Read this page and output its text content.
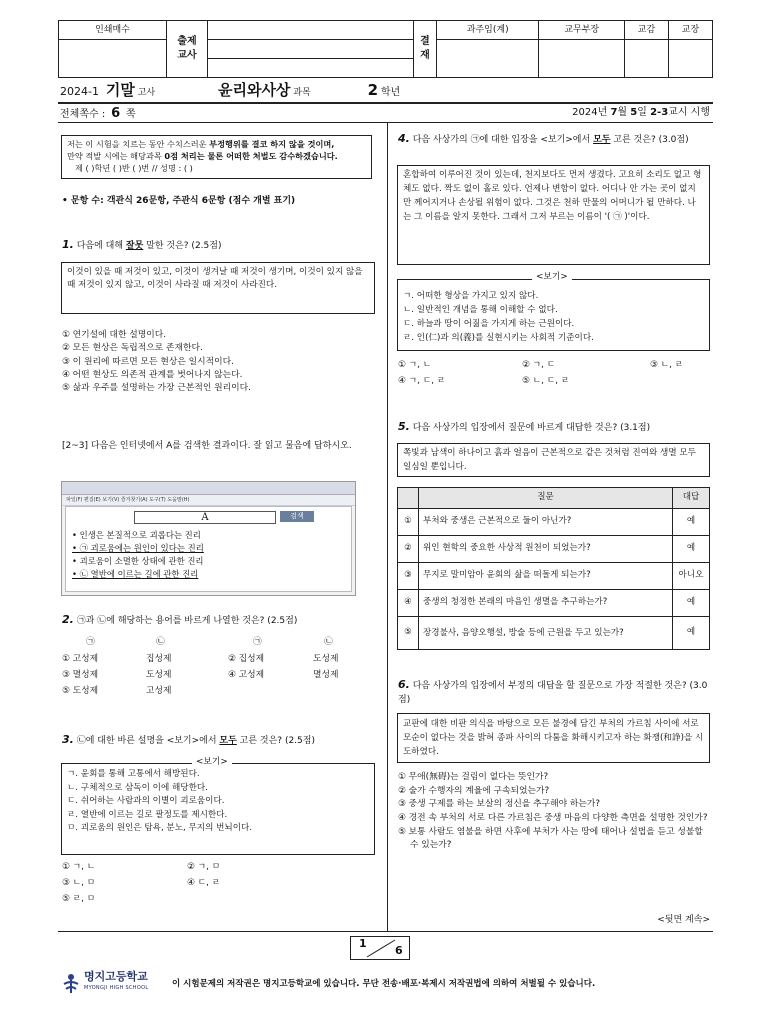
인쇄매수	출제
교사		결
재	과주임(계)	교무부장	교감	교장

2024-1 기말 고사	윤리와사상 과목	2 학년
전체쪽수 : 6 쪽	2024년 7월 5일 2-3교시 시행
저는 이 시험을 치르는 동안 수치스러운 부정행위를 결코 하지 않을 것이며,
만약 적발 시에는 해당과목 0점 처리는 물론 어떠한 처벌도 감수하겠습니다.
제 ( )학년 ( )반 ( )번 // 성명 : ( )
• 문항 수: 객관식 26문항, 주관식 6문항 (점수 개별 표기)
1. 다음에 대해 잘못 말한 것은? (2.5점)
이것이 있을 때 저것이 있고, 이것이 생겨날 때 저것이 생기며, 이것이 있지 않을 때 저것이 있지 않고, 이것이 사라질 때 저것이 사라진다.
① 연기설에 대한 설명이다.
② 모든 현상은 독립적으로 존재한다.
③ 이 원리에 따르면 모든 현상은 일시적이다.
④ 어떤 현상도 의존적 관계를 벗어나지 않는다.
⑤ 삶과 우주를 설명하는 가장 근본적인 원리이다.
[2~3] 다음은 인터넷에서 A를 검색한 결과이다. 잘 읽고 물음에 답하시오.
파일(F) 편집(E) 보기(V) 즐겨찾기(A) 도구(T) 도움말(H)
A	검색
• 인생은 본질적으로 괴롭다는 진리
• ㉠ 괴로움에는 원인이 있다는 진리
• 괴로움이 소멸한 상태에 관한 진리
• ㉡ 열반에 이르는 길에 관한 진리
2. ㉠과 ㉡에 해당하는 용어를 바르게 나열한 것은? (2.5점)
㉠	㉡	㉠	㉡
① 고성제	집성제	② 집성제	도성제
③ 멸성제	도성제	④ 고성제	멸성제
⑤ 도성제	고성제
3. ㉡에 대한 바른 설명을 <보기>에서 모두 고른 것은? (2.5점)
ㄱ. 윤회를 통해 고통에서 해방된다.
ㄴ. 구체적으로 삼독이 이에 해당한다.
ㄷ. 쉬어하는 사람과의 이별이 괴로움이다.
ㄹ. 열반에 이르는 길로 팔정도를 제시한다.
ㅁ. 괴로움의 원인은 탐욕, 분노, 무지의 번뇌이다.
<보기>
① ㄱ, ㄴ	② ㄱ, ㅁ
③ ㄴ, ㅁ	④ ㄷ, ㄹ
⑤ ㄹ, ㅁ
4. 다음 사상가의 ㉠에 대한 입장을 <보기>에서 모두 고른 것은? (3.0점)
혼합하여 이루어진 것이 있는데, 천지보다도 먼저 생겼다. 고요히 소리도 없고 형체도 없다. 짝도 없이 홀로 있다. 언제나 변함이 없다. 어디나 안 가는 곳이 없지만 께어지거나 손상될 위험이 없다. 그것은 천하 만물의 어머니가 될 만하다. 나는 그 이름을 알지 못한다. 그래서 그저 부르는 이름이 '( ㉠ )'이다.
ㄱ. 어떠한 형상을 가지고 있지 않다.
ㄴ. 일반적인 개념을 통해 이해할 수 없다.
ㄷ. 하늘과 땅이 어짊을 가지게 하는 근원이다.
ㄹ. 인(仁)과 의(義)를 실현시키는 사회적 기준이다.
<보기>
① ㄱ, ㄴ	② ㄱ, ㄷ	③ ㄴ, ㄹ
④ ㄱ, ㄷ, ㄹ	⑤ ㄴ, ㄷ, ㄹ
5. 다음 사상가의 입장에서 질문에 바르게 대답한 것은? (3.1점)
쪽빛과 남색이 하나이고 흙과 얼음이 근본적으로 같은 것처럼 진여와 생멸 모두 일심일 뿐입니다.
	질문	대답
①	부처와 중생은 근본적으로 둘이 아닌가?	예
②	위인 현학의 중요한 사상적 원천이 되었는가?	예
③	무지로 말미암아 윤회의 삶을 떠돌게 되는가?	아니오
④	중생의 청정한 본래의 마음인 생멸을 추구하는가?	예
⑤	장경불사, 음양오행설, 방술 등에 근원을 두고 있는가?	예
6. 다음 사상가의 입장에서 부정의 대답을 할 질문으로 가장 적절한 것은? (3.0점)
교판에 대한 비판 의식을 바탕으로 모든 불경에 담긴 부처의 가르침 사이에 서로 모순이 없다는 것을 밝혀 종파 사이의 다툼을 화해시키고자 하는 화쟁(和諍)을 시도하였다.
① 무애(無碍)는 걸림이 없다는 뜻인가?
② 술가 수행자의 계율에 구속되었는가?
③ 중생 구제를 하는 보살의 정신을 추구해야 하는가?
④ 경전 속 부처의 서로 다른 가르침은 중생 마음의 다양한 측면을 설명한 것인가?
⑤ 보통 사람도 염불을 하면 사후에 부처가 사는 땅에 태어나 설법을 듣고 성불할 수 있는가?
<뒷면 계속>
1
6
명지고등학교
MYONGJI HIGH SCHOOL	이 시험문제의 저작권은 명지고등학교에 있습니다. 무단 전송·배포·복제시 저작권법에 의하여 처벌될 수 있습니다.
